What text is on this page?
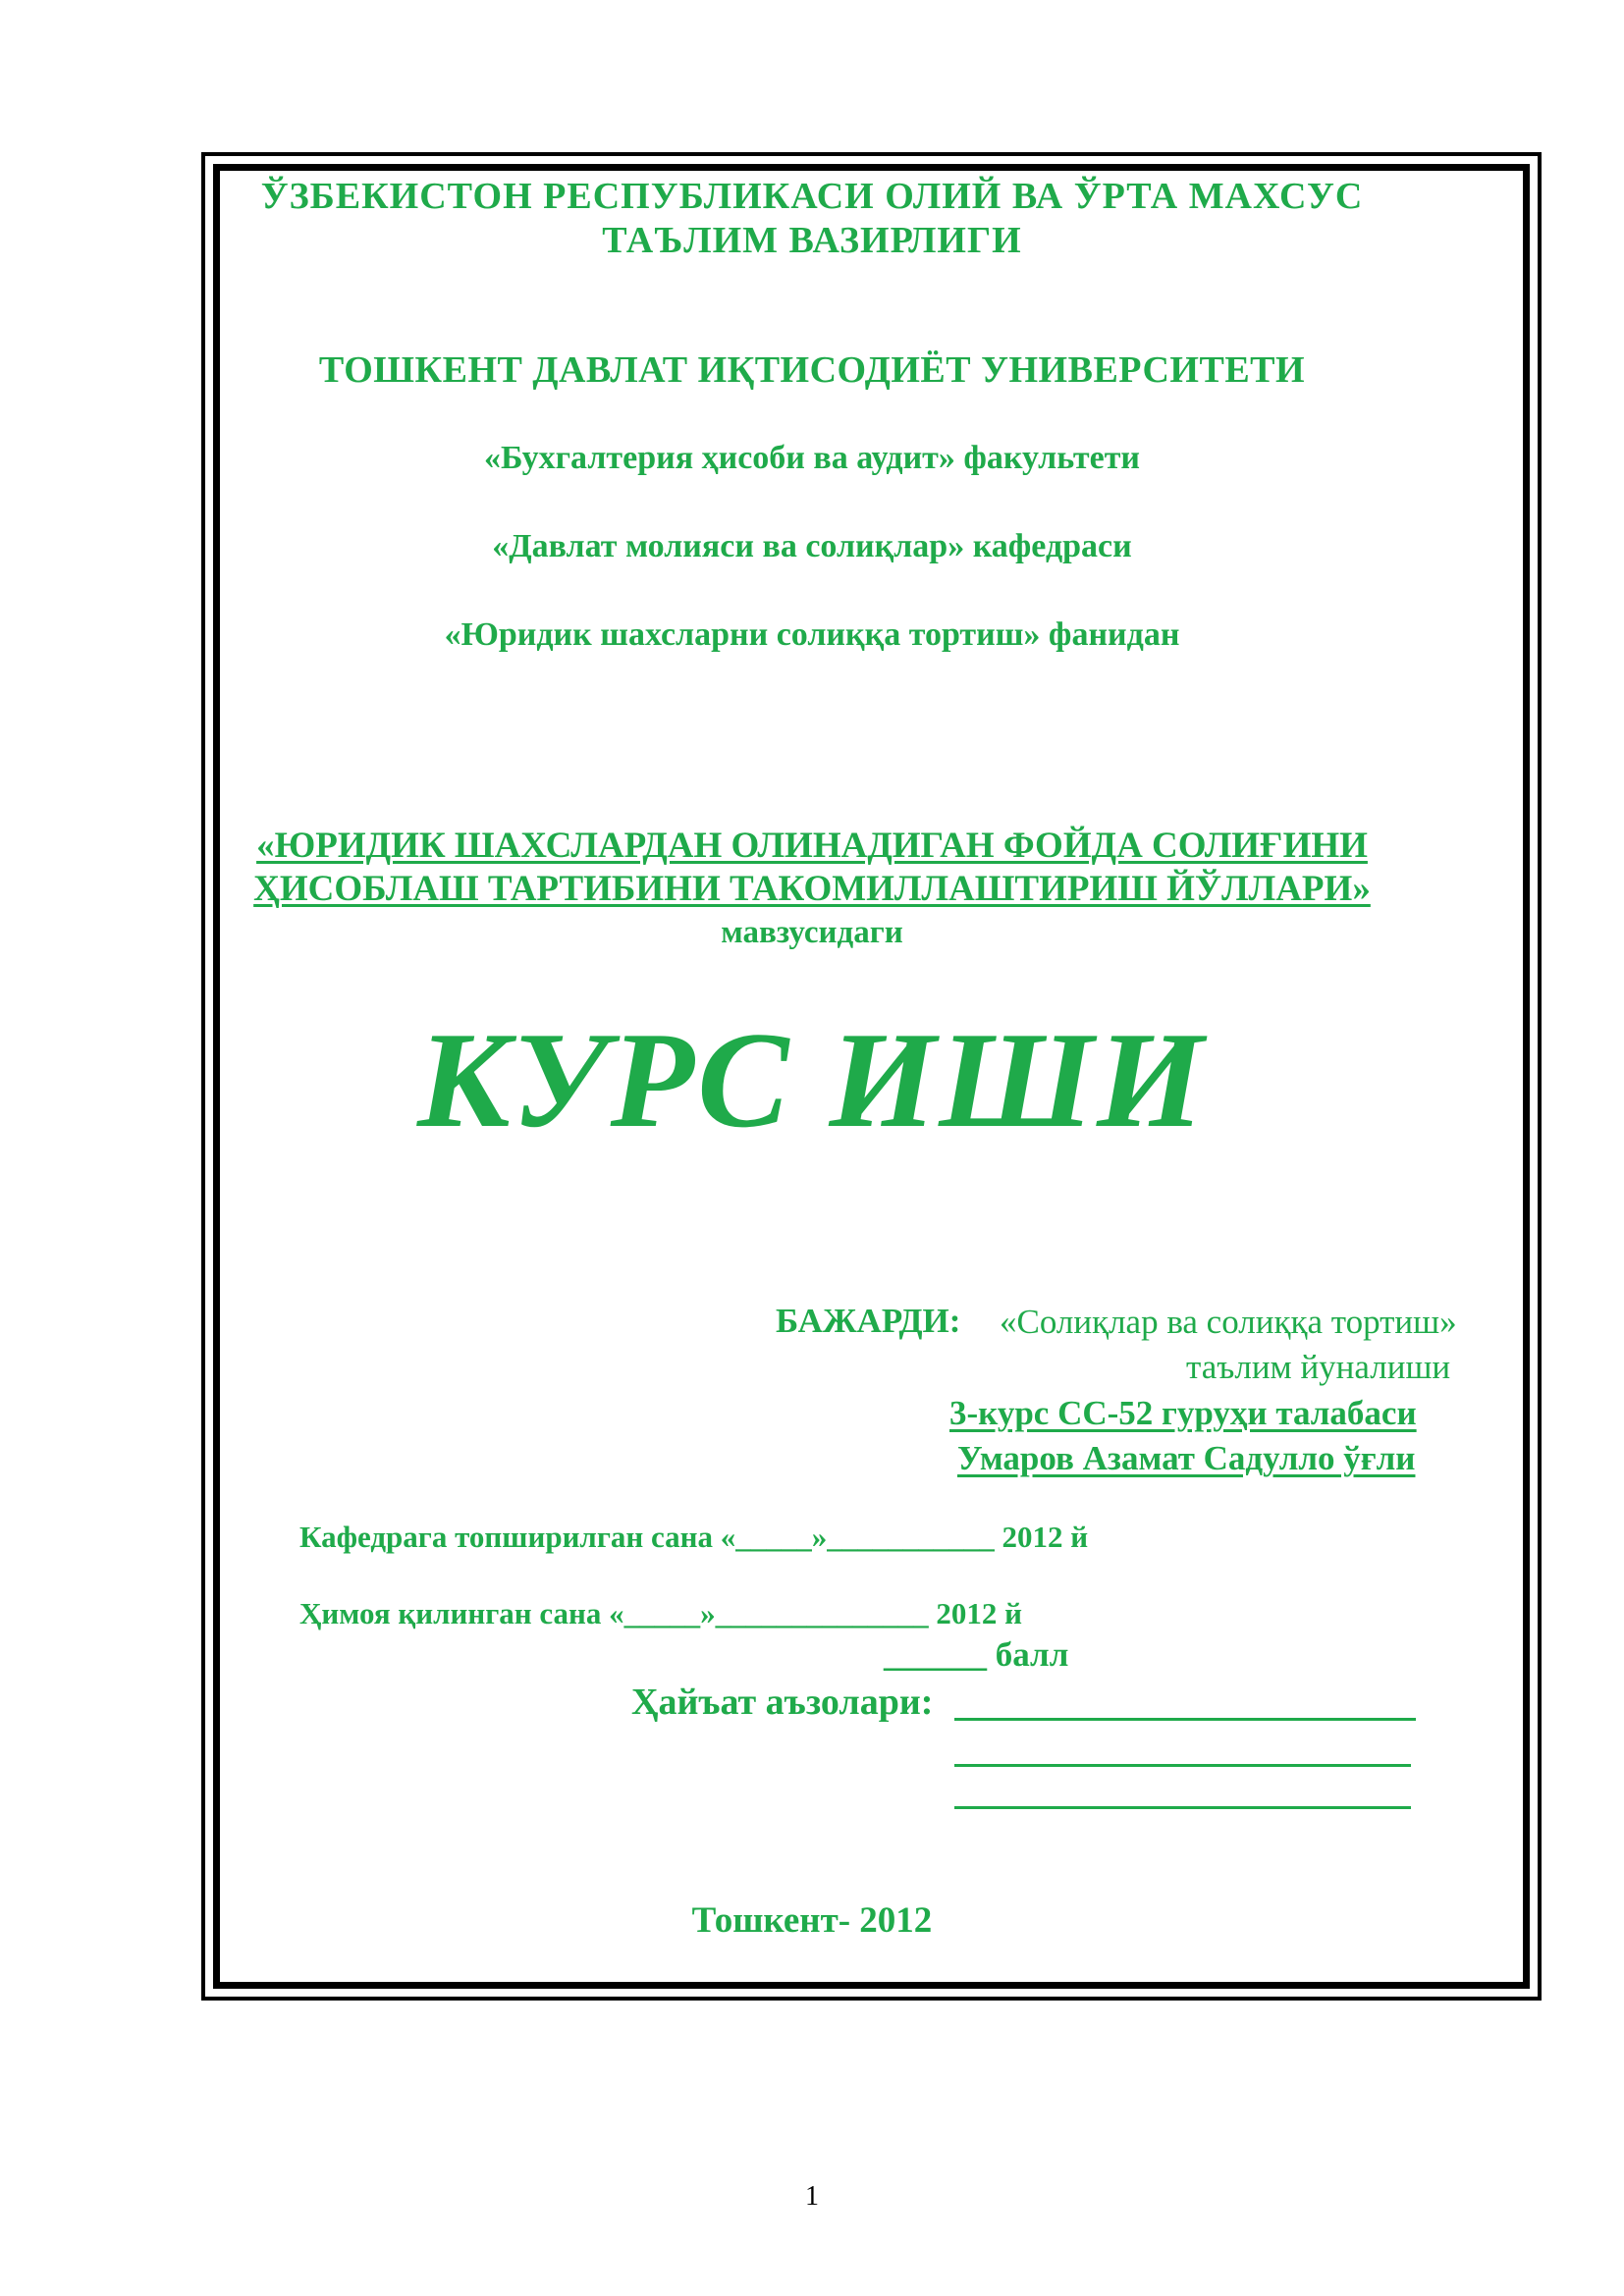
ЎЗБЕКИСТОН РЕСПУБЛИКАСИ ОЛИЙ ВА ЎРТА МАХСУС
ТАЪЛИМ ВАЗИРЛИГИ
ТОШКЕНТ ДАВЛАТ ИҚТИСОДИЁТ УНИВЕРСИТЕТИ
«Бухгалтерия ҳисоби ва аудит» факультети
«Давлат молияси ва солиқлар» кафедраси
«Юридик шахсларни солиққа тортиш» фанидан
«ЮРИДИК ШАХСЛАРДАН ОЛИНАДИГАН ФОЙДА СОЛИҒИНИ
ҲИСОБЛАШ ТАРТИБИНИ ТАКОМИЛЛАШТИРИШ ЙЎЛЛАРИ»
мавзусидаги
КУРС ИШИ
БАЖАРДИ: «Солиқлар ва солиққа тортиш»
таълим йуналиши
3-курс СС-52 гуруҳи талабаси
Умаров Азамат Садулло ўғли
Кафедрага топширилган сана «_____»___________ 2012 й
Ҳимоя қилинган сана «_____»______________ 2012 й
______ балл
Ҳайъат аъзолари:
Тошкент- 2012
1
